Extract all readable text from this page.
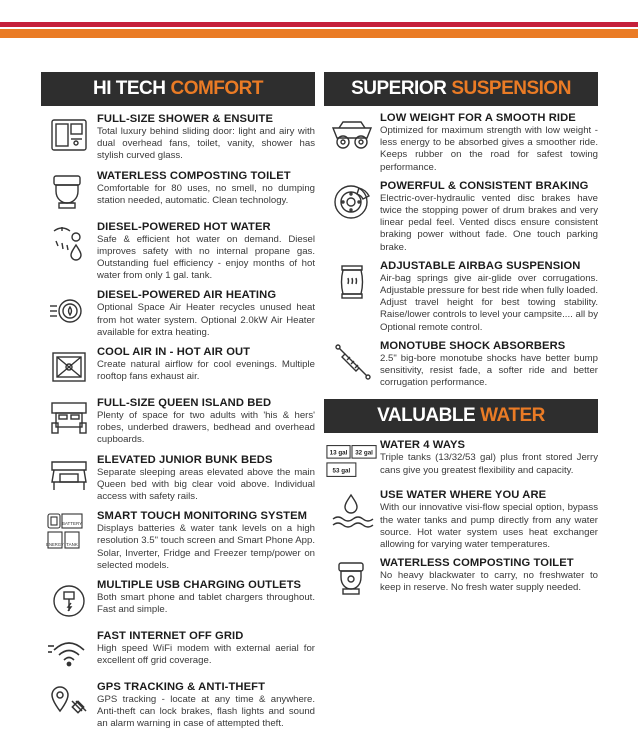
HI TECH COMFORT
FULL-SIZE SHOWER & ENSUITE
Total luxury behind sliding door: light and airy with dual overhead fans, toilet, vanity, shower has stylish curved glass.
WATERLESS COMPOSTING TOILET
Comfortable for 80 uses, no smell, no dumping station needed, automatic. Clean technology.
DIESEL-POWERED HOT WATER
Safe & efficient hot water on demand. Diesel improves safety with no internal propane gas. Outstanding fuel efficiency - enjoy months of hot water from only 1 gal. tank.
DIESEL-POWERED AIR HEATING
Optional Space Air Heater recycles unused heat from hot water system. Optional 2.0kW Air Heater available for extra heating.
COOL AIR IN - HOT AIR OUT
Create natural airflow for cool evenings. Multiple rooftop fans exhaust air.
FULL-SIZE QUEEN ISLAND BED
Plenty of space for two adults with 'his & hers' robes, underbed drawers, bedhead and overhead cupboards.
ELEVATED JUNIOR BUNK BEDS
Separate sleeping areas elevated above the main Queen bed with big clear void above. Individual access with safety rails.
BATTERY
ENERGY TANK
SMART TOUCH MONITORING SYSTEM
Displays batteries & water tank levels on a high resolution 3.5" touch screen and Smart Phone App. Solar, Inverter, Fridge and Freezer temp/power on selected models.
MULTIPLE USB CHARGING OUTLETS
Both smart phone and tablet chargers throughout. Fast and simple.
FAST INTERNET OFF GRID
High speed WiFi modem with external aerial for excellent off grid coverage.
GPS TRACKING & ANTI-THEFT
GPS tracking - locate at any time & anywhere. Anti-theft can lock brakes, flash lights and sound an alarm warning in case of attempted theft.
SUPERIOR SUSPENSION
LOW WEIGHT FOR A SMOOTH RIDE
Optimized for maximum strength with low weight - less energy to be absorbed gives a smoother ride. Keeps rubber on the road for safest towing performance.
POWERFUL & CONSISTENT BRAKING
Electric-over-hydraulic vented disc brakes have twice the stopping power of drum brakes and very linear pedal feel. Vented discs ensure consistent braking power without fade. One touch parking brake.
ADJUSTABLE AIRBAG SUSPENSION
Air-bag springs give air-glide over corrugations. Adjustable pressure for best ride when fully loaded. Adjust travel height for best towing stability. Raise/lower controls to level your campsite.... all by Optional remote control.
MONOTUBE SHOCK ABSORBERS
2.5" big-bore monotube shocks have better bump sensitivity, resist fade, a softer ride and better corrugation performance.
VALUABLE WATER
13 gal 32 gal
53 gal
WATER 4 WAYS
Triple tanks (13/32/53 gal) plus front stored Jerry cans give you greatest flexibility and capacity.
USE WATER WHERE YOU ARE
With our innovative visi-flow special option, bypass the water tanks and pump directly from any water source. Hot water system uses heat exchanger allowing for varying water temperatures.
WATERLESS COMPOSTING TOILET
No heavy blackwater to carry, no freshwater to keep in reserve. No fresh water supply needed.
